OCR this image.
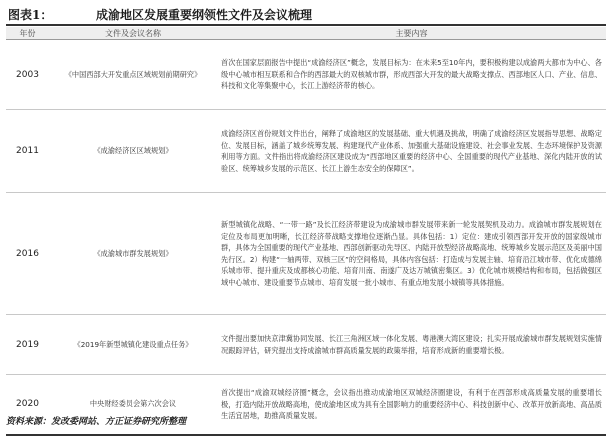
图表1：	成渝地区发展重要纲领性文件及会议梳理
年份	文件及会议名称	主要内容
2003	《中国西部大开发重点区域规划前期研究》	首次在国家层面报告中提出“成渝经济区”概念，发展目标为：在未来5至10年内，要积极构建以成渝两大都市为中心、各级中心城市相互联系和合作的西部最大的双核城市群，形成西部大开发的最大战略支撑点、西部地区人口、产业、信息、科技和文化等集聚中心，长江上游经济带的核心。
2011	《成渝经济区区域规划》	成渝经济区首份规划文件出台，阐释了成渝地区的发展基础、重大机遇及挑战，明确了成渝经济区发展指导思想、战略定位、发展目标，涵盖了城乡统筹发展、构建现代产业体系、加强重大基础设施建设、社会事业发展、生态环境保护及资源利用等方面。文件指出将成渝经济区建设成为“西部地区重要的经济中心、全国重要的现代产业基地、深化内陆开放的试验区、统筹城乡发展的示范区、长江上游生态安全的保障区”。
2016	《成渝城市群发展规划》	新型城镇化战略、“一带一路”及长江经济带建设为成渝城市群发展带来新一轮发展契机及动力。成渝城市群发展规划在定位及布局更加明晰，长江经济带战略支撑地位逐渐凸显。具体包括：1）定位：建成引领西部开发开放的国家级城市群，具体为全国重要的现代产业基地、西部创新驱动先导区、内陆开放型经济战略高地、统筹城乡发展示范区及美丽中国先行区。2）构建“一轴两带、双核三区”的空间格局，具体内容包括：打造成与发展主轴、培育沿江城市带、优化成德绵乐城市带、提升重庆及成都核心功能、培育川南、南遂广及达万城镇密集区。3）优化城市规模结构和布局，包括做强区域中心城市、建设重要节点城市、培育发展一批小城市、有重点地发展小城镇等具体措施。
2019	《2019年新型城镇化建设重点任务》	文件提出要加快京津冀协同发展、长江三角洲区域一体化发展、粤港澳大湾区建设；扎实开展成渝城市群发展规划实施情况跟踪评估，研究提出支持成渝城市群高质量发展的政策举措，培育形成新的重要增长极。
2020	中央财经委员会第六次会议	首次提出“成渝双城经济圈”概念，会议指出推动成渝地区双城经济圈建设，有利于在西部形成高质量发展的重要增长极，打造内陆开放战略高地，使成渝地区成为具有全国影响力的重要经济中心、科技创新中心、改革开放新高地、高品质生活宜居地，助推高质量发展。
资料来源：发改委网站、方正证券研究所整理
